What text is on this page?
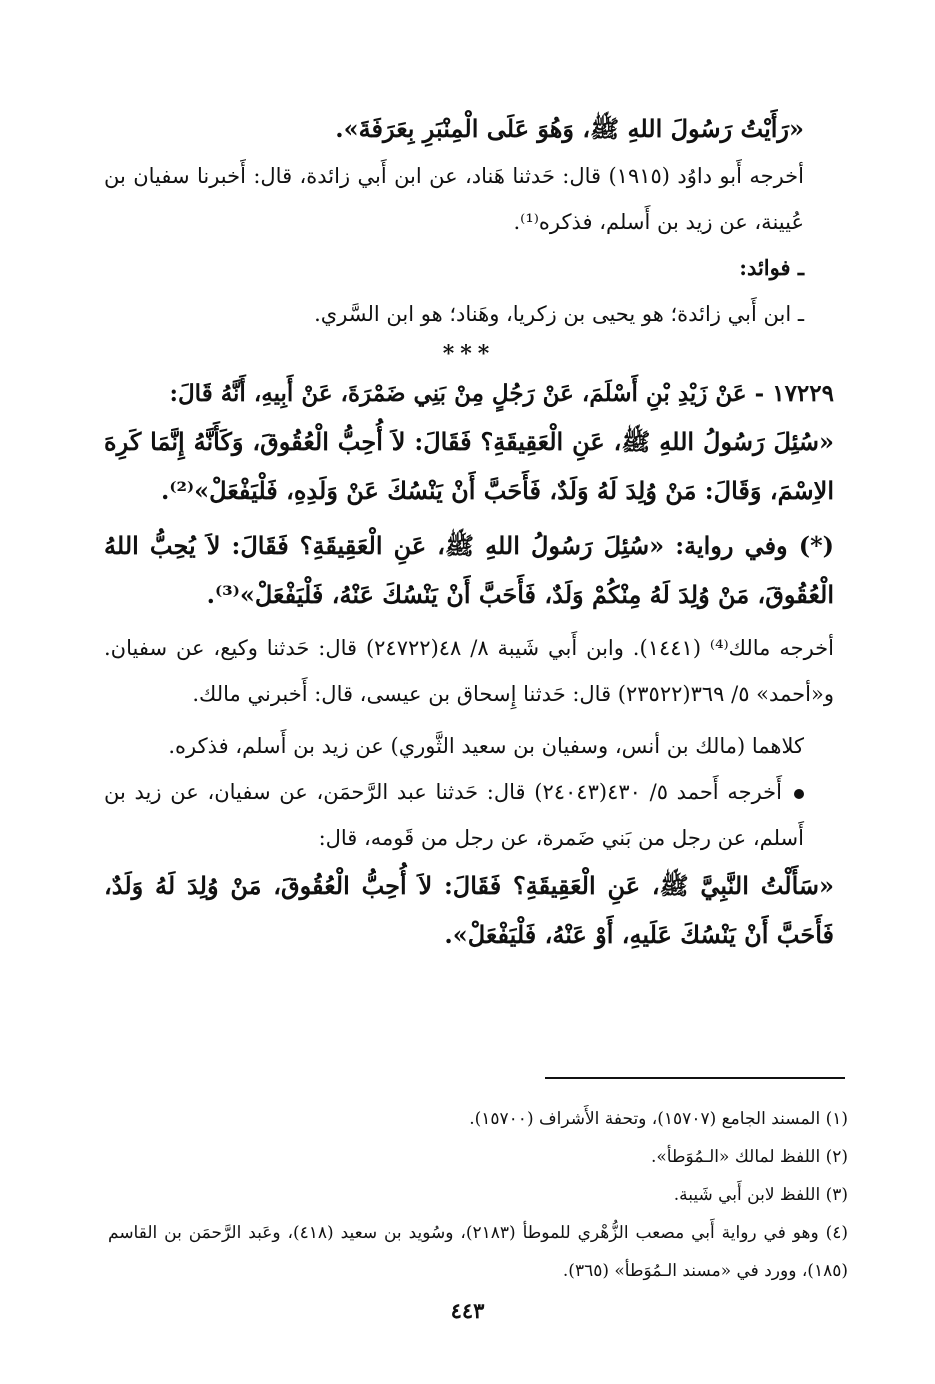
«رَأَيْتُ رَسُولَ اللهِ ﷺ، وَهُوَ عَلَى الْمِنْبَرِ بِعَرَفَةَ».

أخرجه أَبو داوُد (١٩١٥) قال: حَدثنا هَناد، عن ابن أَبي زائدة، قال: أَخبرنا سفيان بن عُيينة، عن زيد بن أَسلم، فذكره⁽¹⁾.

ـ فوائد:

ـ ابن أَبي زائدة؛ هو يحيى بن زكريا، وهَناد؛ هو ابن السَّري.

***

١٧٢٢٩ - عَنْ زَيْدِ بْنِ أَسْلَمَ، عَنْ رَجُلٍ مِنْ بَنِي ضَمْرَةَ، عَنْ أَبِيهِ، أَنَّهُ قَالَ:

«سُئِلَ رَسُولُ اللهِ ﷺ، عَنِ الْعَقِيقَةِ؟ فَقَالَ: لاَ أُحِبُّ الْعُقُوقَ، وَكَأَنَّهُ إِنَّمَا كَرِهَ الاِسْمَ، وَقَالَ: مَنْ وُلِدَ لَهُ وَلَدٌ، فَأَحَبَّ أَنْ يَنْسُكَ عَنْ وَلَدِهِ، فَلْيَفْعَلْ»⁽²⁾.

(*) وفي رواية: «سُئِلَ رَسُولُ اللهِ ﷺ، عَنِ الْعَقِيقَةِ؟ فَقَالَ: لاَ يُحِبُّ اللهُ الْعُقُوقَ، مَنْ وُلِدَ لَهُ مِنْكُمْ وَلَدٌ، فَأَحَبَّ أَنْ يَنْسُكَ عَنْهُ، فَلْيَفْعَلْ»⁽³⁾.

أخرجه مالك⁽⁴⁾ (١٤٤١). وابن أَبي شَيبة ٨/ ٤٨(٢٤٧٢٢) قال: حَدثنا وكيع، عن سفيان. و«أحمد» ٥/ ٣٦٩(٢٣٥٢٢) قال: حَدثنا إِسحاق بن عيسى، قال: أَخبرني مالك.

كلاهما (مالك بن أنس، وسفيان بن سعيد الثَّوري) عن زيد بن أَسلم، فذكره.

أَخرجه أَحمد ٥/ ٤٣٠(٢٤٠٤٣) قال: حَدثنا عبد الرَّحمَن، عن سفيان، عن زيد بن أَسلم، عن رجل من بَني ضَمرة، عن رجل من قَومه، قال:

«سَأَلْتُ النَّبِيَّ ﷺ، عَنِ الْعَقِيقَةِ؟ فَقَالَ: لاَ أُحِبُّ الْعُقُوقَ، مَنْ وُلِدَ لَهُ وَلَدٌ، فَأَحَبَّ أَنْ يَنْسُكَ عَلَيهِ، أَوْ عَنْهُ، فَلْيَفْعَلْ».

(١) المسند الجامع (١٥٧٠٧)، وتحفة الأَشراف (١٥٧٠٠).

(٢) اللفظ لمالك «الـمُوَطأ».

(٣) اللفظ لابن أَبي شَيبة.

(٤) وهو في رواية أَبي مصعب الزُّهْري للموطأ (٢١٨٣)، وسُويد بن سعيد (٤١٨)، وعَبد الرَّحمَن بن القاسم (١٨٥)، وورد في «مسند الـمُوَطأ» (٣٦٥).

٤٤٣
